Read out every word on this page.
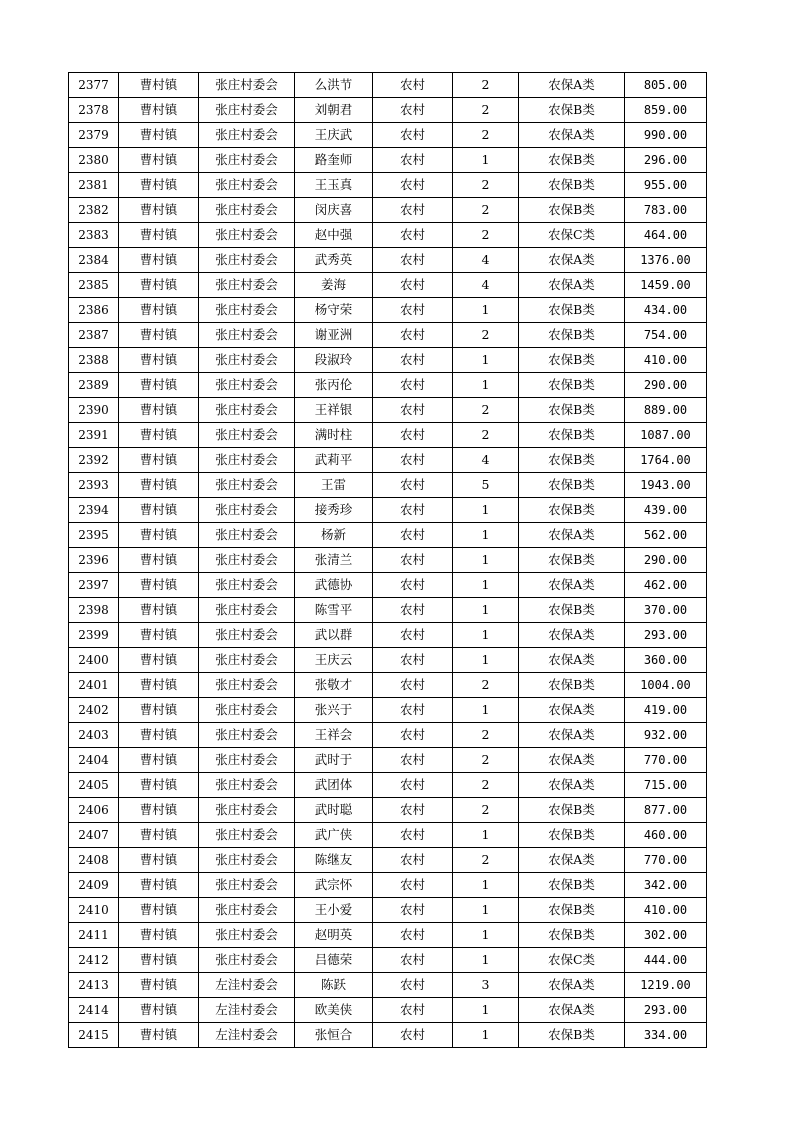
2377	曹村镇	张庄村委会	么洪节	农村	2	农保A类	805.00
2378	曹村镇	张庄村委会	刘朝君	农村	2	农保B类	859.00
2379	曹村镇	张庄村委会	王庆武	农村	2	农保A类	990.00
2380	曹村镇	张庄村委会	路奎师	农村	1	农保B类	296.00
2381	曹村镇	张庄村委会	王玉真	农村	2	农保B类	955.00
2382	曹村镇	张庄村委会	闵庆喜	农村	2	农保B类	783.00
2383	曹村镇	张庄村委会	赵中强	农村	2	农保C类	464.00
2384	曹村镇	张庄村委会	武秀英	农村	4	农保A类	1376.00
2385	曹村镇	张庄村委会	姜海	农村	4	农保A类	1459.00
2386	曹村镇	张庄村委会	杨守荣	农村	1	农保B类	434.00
2387	曹村镇	张庄村委会	谢亚洲	农村	2	农保B类	754.00
2388	曹村镇	张庄村委会	段淑玲	农村	1	农保B类	410.00
2389	曹村镇	张庄村委会	张丙伦	农村	1	农保B类	290.00
2390	曹村镇	张庄村委会	王祥银	农村	2	农保B类	889.00
2391	曹村镇	张庄村委会	满时柱	农村	2	农保B类	1087.00
2392	曹村镇	张庄村委会	武莉平	农村	4	农保B类	1764.00
2393	曹村镇	张庄村委会	王雷	农村	5	农保B类	1943.00
2394	曹村镇	张庄村委会	接秀珍	农村	1	农保B类	439.00
2395	曹村镇	张庄村委会	杨新	农村	1	农保A类	562.00
2396	曹村镇	张庄村委会	张清兰	农村	1	农保B类	290.00
2397	曹村镇	张庄村委会	武德协	农村	1	农保A类	462.00
2398	曹村镇	张庄村委会	陈雪平	农村	1	农保B类	370.00
2399	曹村镇	张庄村委会	武以群	农村	1	农保A类	293.00
2400	曹村镇	张庄村委会	王庆云	农村	1	农保A类	360.00
2401	曹村镇	张庄村委会	张敬才	农村	2	农保B类	1004.00
2402	曹村镇	张庄村委会	张兴于	农村	1	农保A类	419.00
2403	曹村镇	张庄村委会	王祥会	农村	2	农保A类	932.00
2404	曹村镇	张庄村委会	武时于	农村	2	农保A类	770.00
2405	曹村镇	张庄村委会	武团体	农村	2	农保A类	715.00
2406	曹村镇	张庄村委会	武时聪	农村	2	农保B类	877.00
2407	曹村镇	张庄村委会	武广侠	农村	1	农保B类	460.00
2408	曹村镇	张庄村委会	陈继友	农村	2	农保A类	770.00
2409	曹村镇	张庄村委会	武宗怀	农村	1	农保B类	342.00
2410	曹村镇	张庄村委会	王小爱	农村	1	农保B类	410.00
2411	曹村镇	张庄村委会	赵明英	农村	1	农保B类	302.00
2412	曹村镇	张庄村委会	吕德荣	农村	1	农保C类	444.00
2413	曹村镇	左洼村委会	陈跃	农村	3	农保A类	1219.00
2414	曹村镇	左洼村委会	欧美侠	农村	1	农保A类	293.00
2415	曹村镇	左洼村委会	张恒合	农村	1	农保B类	334.00
